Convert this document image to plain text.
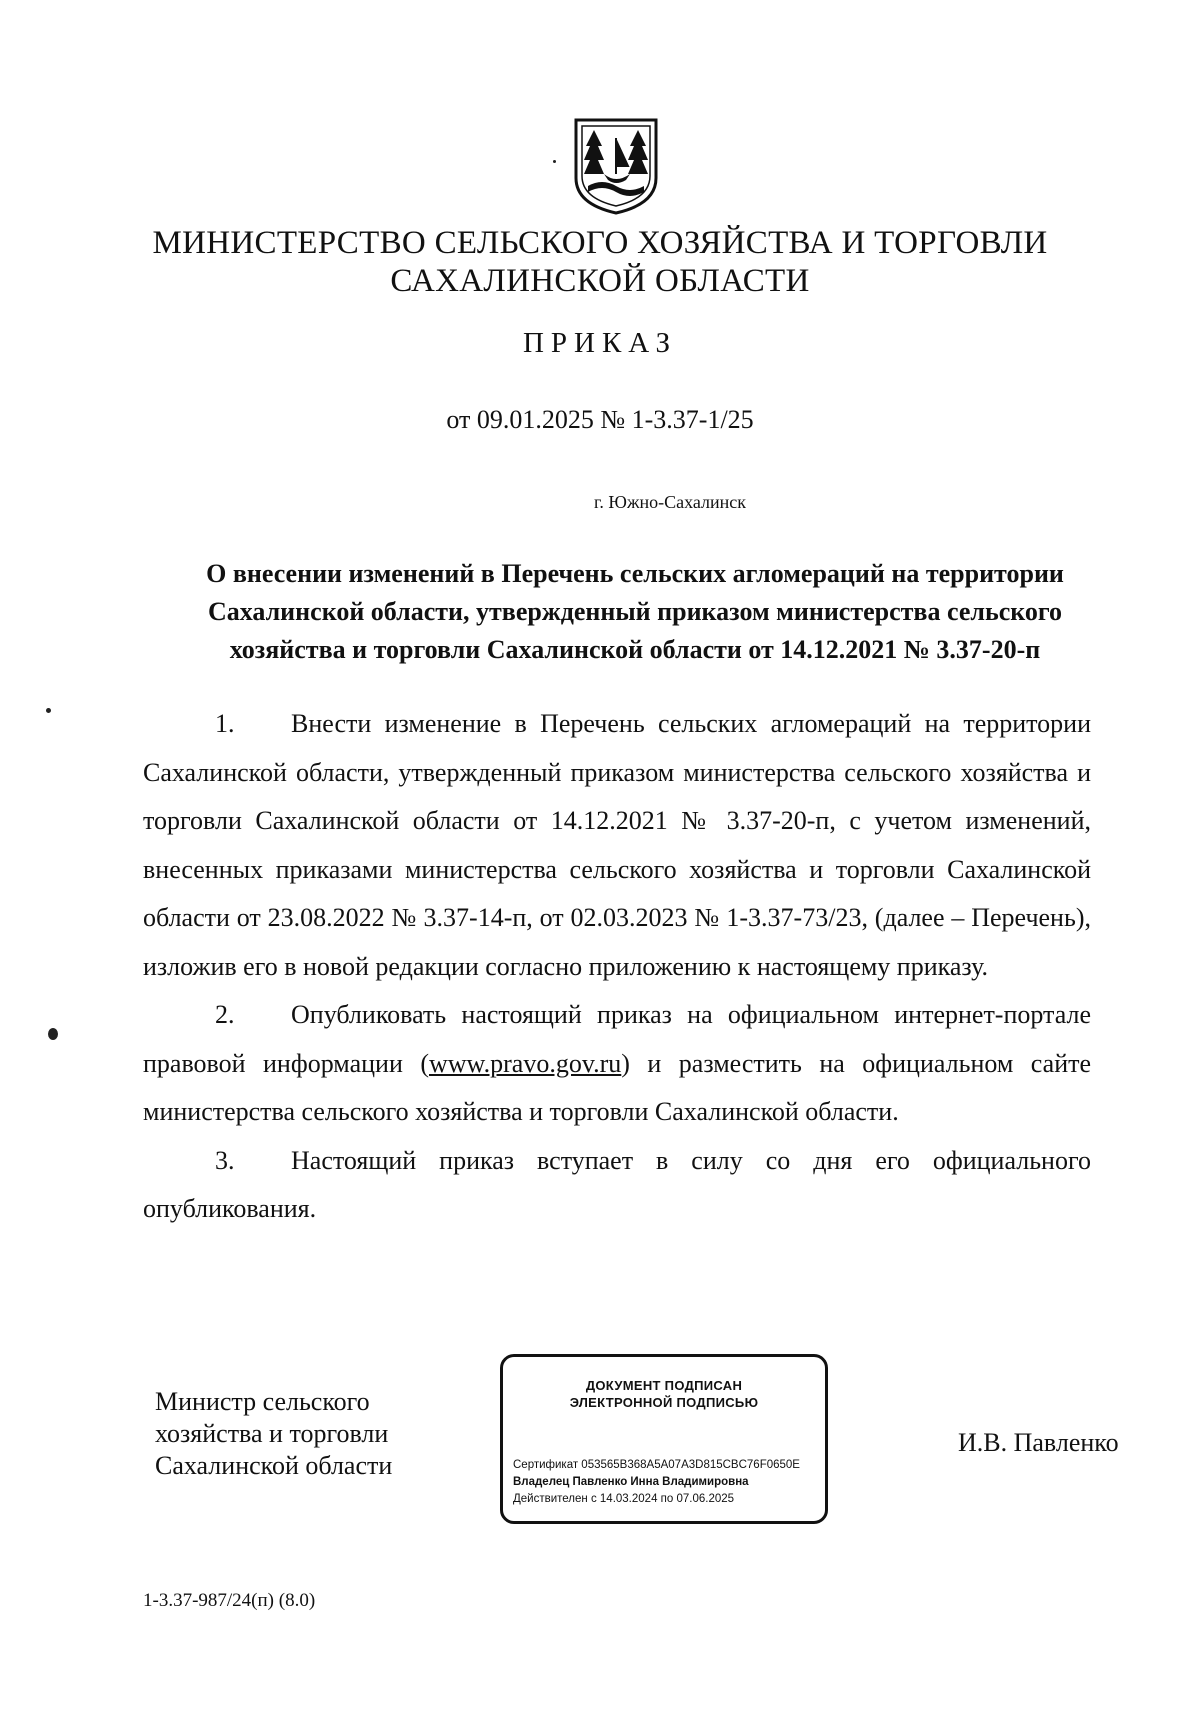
МИНИСТЕРСТВО СЕЛЬСКОГО ХОЗЯЙСТВА И ТОРГОВЛИ
САХАЛИНСКОЙ ОБЛАСТИ
ПРИКАЗ
от 09.01.2025 № 1-3.37-1/25
г. Южно-Сахалинск
О внесении изменений в Перечень сельских агломераций на территории
Сахалинской области, утвержденный приказом министерства сельского
хозяйства и торговли Сахалинской области от 14.12.2021 № 3.37-20-п

1. Внести изменение в Перечень сельских агломераций на территории Сахалинской области, утвержденный приказом министерства сельского хозяйства и торговли Сахалинской области от 14.12.2021 № 3.37-20-п, с учетом изменений, внесенных приказами министерства сельского хозяйства и торговли Сахалинской области от 23.08.2022 № 3.37-14-п, от 02.03.2023 № 1-3.37-73/23, (далее – Перечень), изложив его в новой редакции согласно приложению к настоящему приказу.

2. Опубликовать настоящий приказ на официальном интернет-портале правовой информации (www.pravo.gov.ru) и разместить на официальном сайте министерства сельского хозяйства и торговли Сахалинской области.

3. Настоящий приказ вступает в силу со дня его официального опубликования.

Министр сельского
хозяйства и торговли
Сахалинской области
ДОКУМЕНТ ПОДПИСАН
ЭЛЕКТРОННОЙ ПОДПИСЬЮ
Сертификат 053565B368A5A07A3D815CBC76F0650E
Владелец Павленко Инна Владимировна
Действителен с 14.03.2024 по 07.06.2025
И.В. Павленко
1-3.37-987/24(п) (8.0)
